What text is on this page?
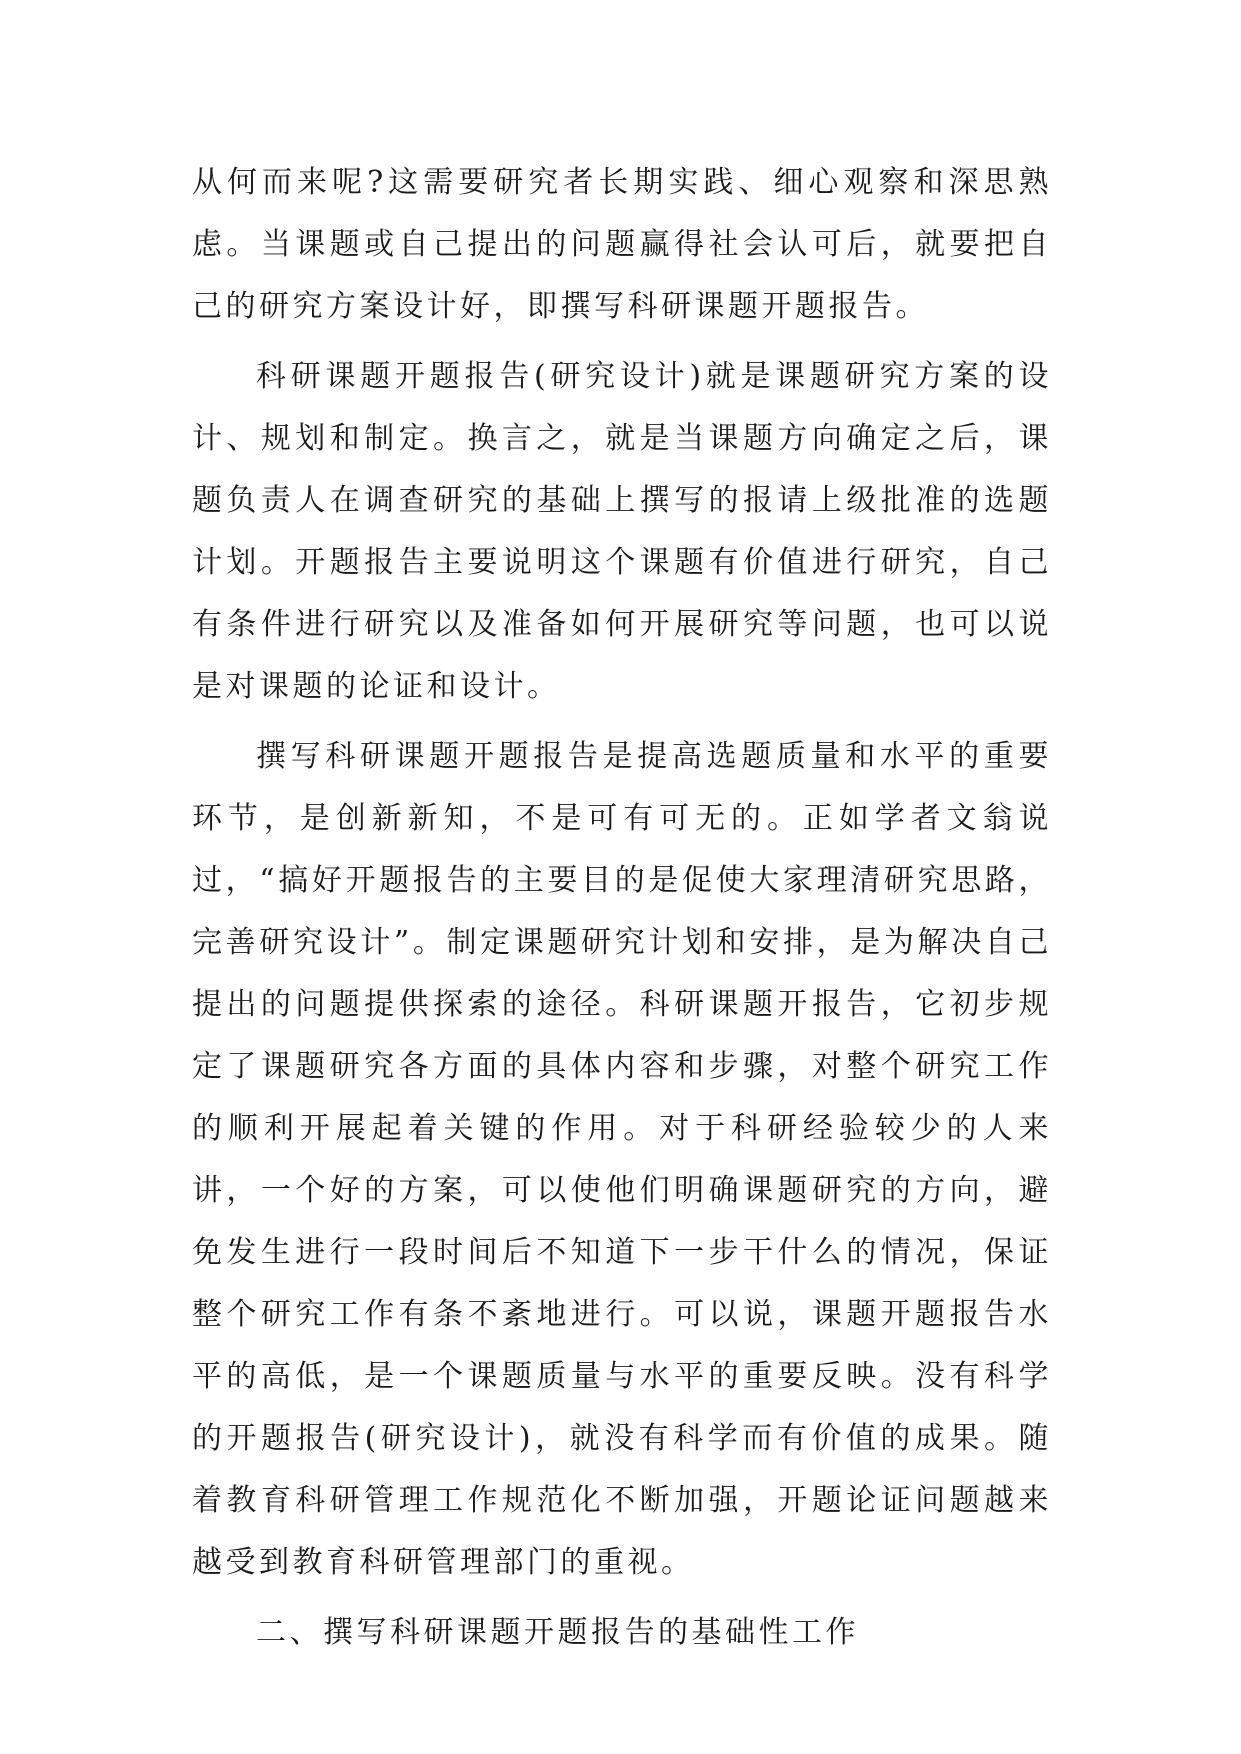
从何而来呢?这需要研究者长期实践、细心观察和深思熟虑。当课题或自己提出的问题赢得社会认可后，就要把自己的研究方案设计好，即撰写科研课题开题报告。

科研课题开题报告(研究设计)就是课题研究方案的设计、规划和制定。换言之，就是当课题方向确定之后，课题负责人在调查研究的基础上撰写的报请上级批准的选题计划。开题报告主要说明这个课题有价值进行研究，自己有条件进行研究以及准备如何开展研究等问题，也可以说是对课题的论证和设计。

撰写科研课题开题报告是提高选题质量和水平的重要环节，是创新新知，不是可有可无的。正如学者文翁说过，“搞好开题报告的主要目的是促使大家理清研究思路，完善研究设计”。制定课题研究计划和安排，是为解决自己提出的问题提供探索的途径。科研课题开报告，它初步规定了课题研究各方面的具体内容和步骤，对整个研究工作的顺利开展起着关键的作用。对于科研经验较少的人来讲，一个好的方案，可以使他们明确课题研究的方向，避免发生进行一段时间后不知道下一步干什么的情况，保证整个研究工作有条不紊地进行。可以说，课题开题报告水平的高低，是一个课题质量与水平的重要反映。没有科学的开题报告(研究设计)，就没有科学而有价值的成果。随着教育科研管理工作规范化不断加强，开题论证问题越来越受到教育科研管理部门的重视。

二、撰写科研课题开题报告的基础性工作
